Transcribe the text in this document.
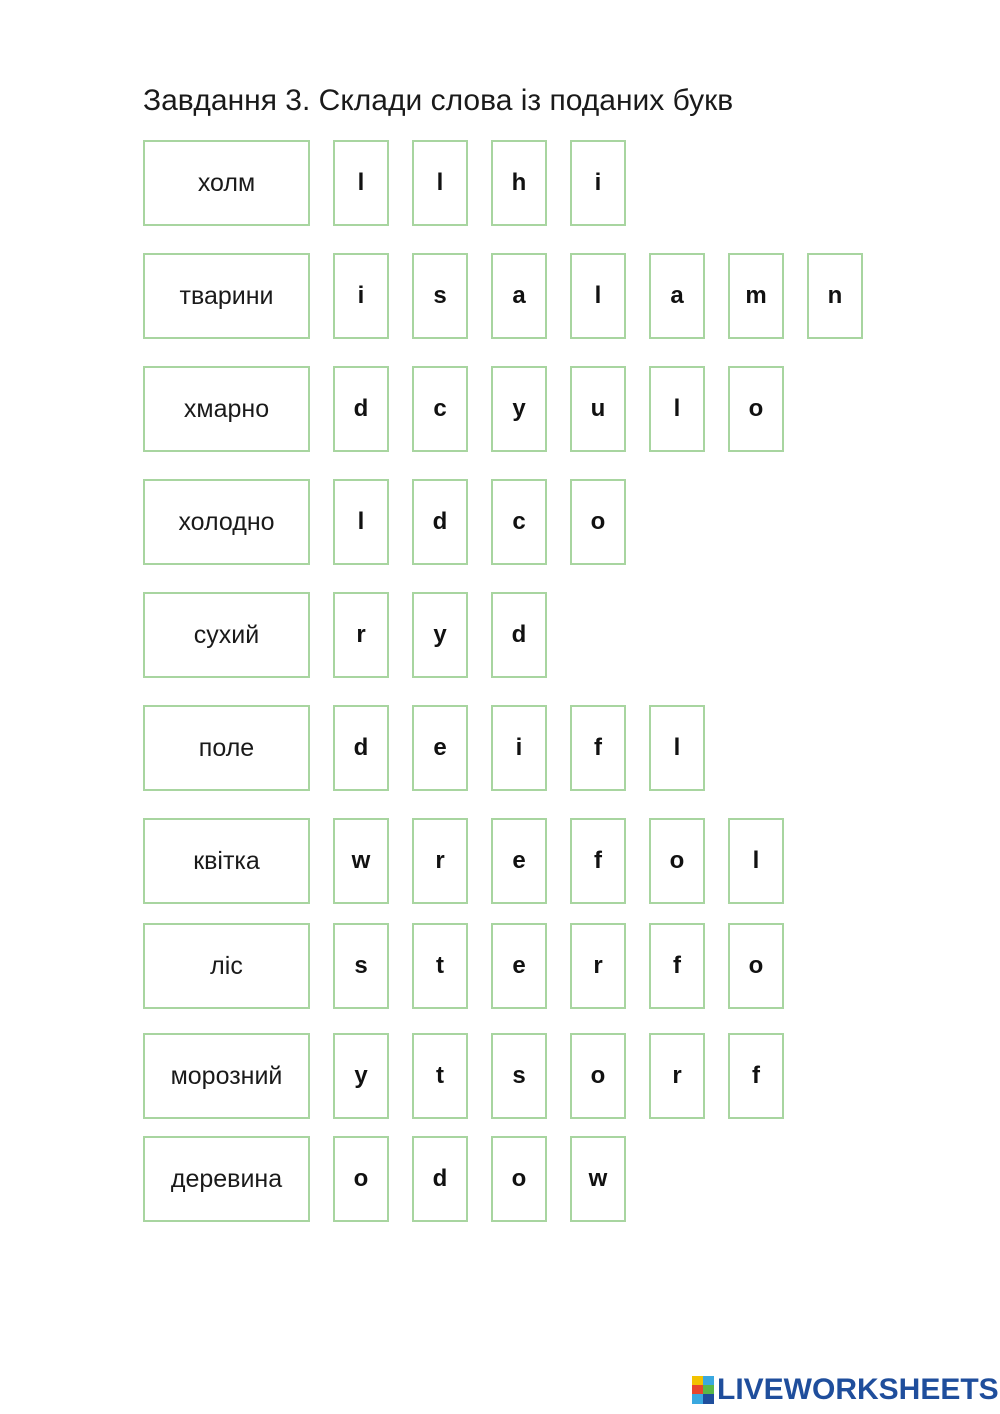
Завдання 3. Склади слова із поданих букв
холм	l	l	h	i
тварини	i	s	a	l	a	m	n
хмарно	d	c	y	u	l	o
холодно	l	d	c	o
сухий	r	y	d
поле	d	e	i	f	l
квітка	w	r	e	f	o	l
ліс	s	t	e	r	f	o
морозний	y	t	s	o	r	f
деревина	o	d	o	w
LIVEWORKSHEETS
